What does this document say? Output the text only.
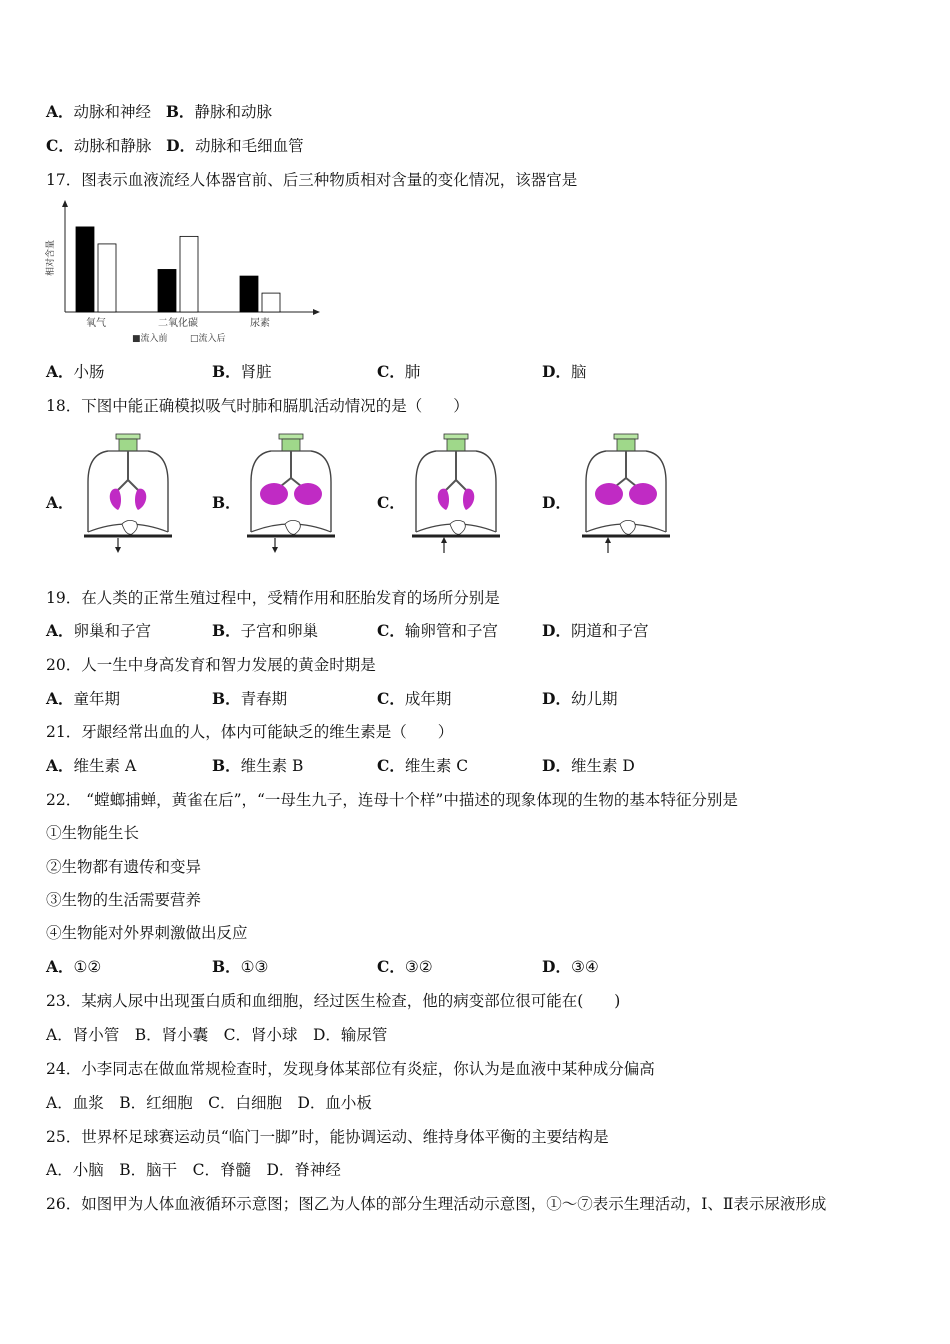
A．动脉和神经 B．静脉和动脉
C．动脉和静脉 D．动脉和毛细血管
17．图表示血液流经人体器官前、后三种物质相对含量的变化情况，该器官是
相对含量
氧气	二氧化碳	尿素
■流入前 □流入后
A．小肠	B．肾脏	C．肺	D．脑
18．下图中能正确模拟吸气时肺和膈肌活动情况的是（　　）
A．	B．	C．	D．
19．在人类的正常生殖过程中，受精作用和胚胎发育的场所分别是
A．卵巢和子宫	B．子宫和卵巢	C．输卵管和子宫	D．阴道和子宫
20．人一生中身高发育和智力发展的黄金时期是
A．童年期	B．青春期	C．成年期	D．幼儿期
21．牙龈经常出血的人，体内可能缺乏的维生素是（　　）
A．维生素 A	B．维生素 B	C．维生素 C	D．维生素 D
22． “螳螂捕蝉，黄雀在后”，“一母生九子，连母十个样”中描述的现象体现的生物的基本特征分别是
①生物能生长
②生物都有遗传和变异
③生物的生活需要营养
④生物能对外界刺激做出反应
A．①②	B．①③	C．③②	D．③④
23．某病人尿中出现蛋白质和血细胞，经过医生检查，他的病变部位很可能在(　　)
A．肾小管　B．肾小囊　C．肾小球　D．输尿管
24．小李同志在做血常规检查时，发现身体某部位有炎症，你认为是血液中某种成分偏高
A．血浆　B．红细胞　C．白细胞　D．血小板
25．世界杯足球赛运动员“临门一脚”时，能协调运动、维持身体平衡的主要结构是
A．小脑　B．脑干　C．脊髓　D．脊神经
26．如图甲为人体血液循环示意图；图乙为人体的部分生理活动示意图，①～⑦表示生理活动，Ⅰ、Ⅱ表示尿液形成
